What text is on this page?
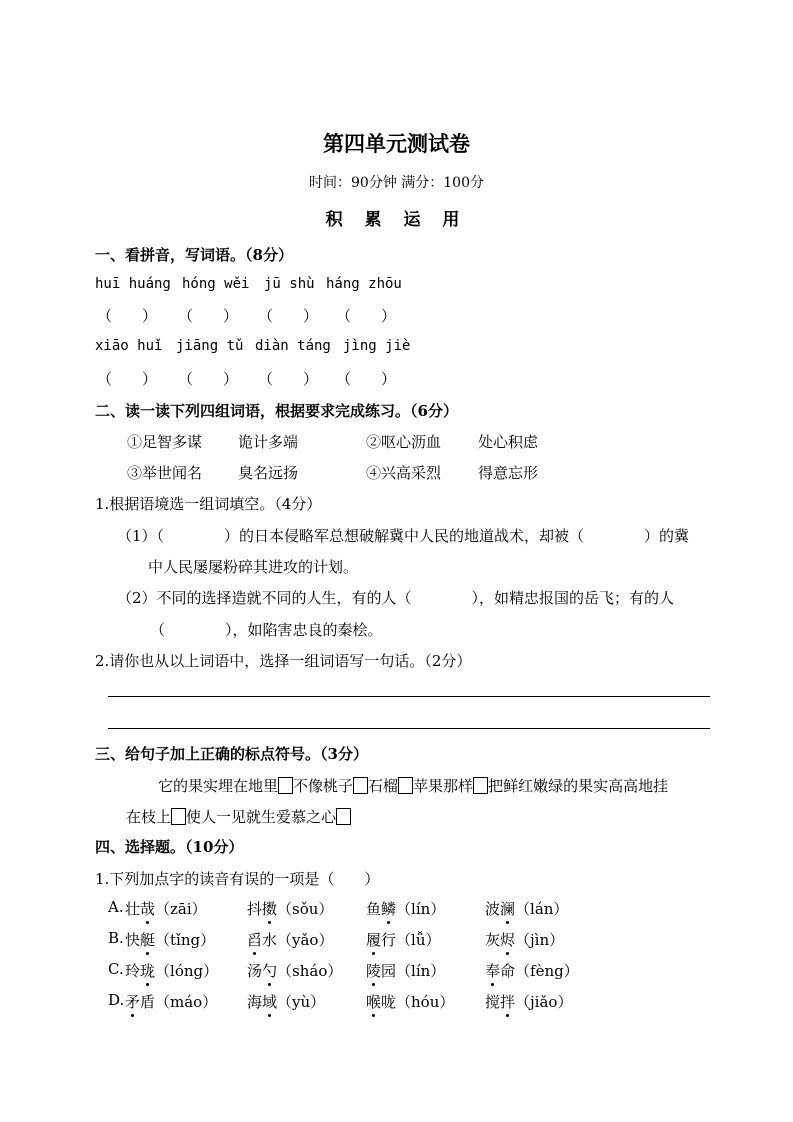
第四单元测试卷
时间：90分钟 满分：100分
积 累 运 用
一、看拼音，写词语。（8分）
huī huáng hóng wěi jū shù háng zhōu
（　　） （　　） （　　） （　　）
xiāo huǐ jiāng tǔ diàn táng jìng jiè
（　　） （　　） （　　） （　　）
二、读一读下列四组词语，根据要求完成练习。（6分）
①足智多谋 诡计多端	②呕心沥血 处心积虑
③举世闻名 臭名远扬	④兴高采烈 得意忘形
1.根据语境选一组词填空。（4分）
（1）（　　　　）的日本侵略军总想破解冀中人民的地道战术，却被（　　　　）的冀
中人民屡屡粉碎其进攻的计划。
（2）不同的选择造就不同的人生，有的人（　　　　），如精忠报国的岳飞；有的人
（　　　　），如陷害忠良的秦桧。
2.请你也从以上词语中，选择一组词语写一句话。（2分）
三、给句子加上正确的标点符号。（3分）
它的果实埋在地里 不像桃子 石榴 苹果那样 把鲜红嫩绿的果实高高地挂
在枝上 使人一见就生爱慕之心
四、选择题。（10分）
1.下列加点字的读音有误的一项是（　　）
A. 壮哉（zāi）	抖擞（sǒu） 鱼鳞（lín）	波澜（lán）
B. 快艇（tǐng） 舀水（yǎo） 履行（lǚ）	灰烬（jìn）
C. 玲珑（lóng） 汤勺（sháo） 陵园（lín）	奉命（fèng）
D. 矛盾（máo） 海域（yù）	喉咙（hóu） 搅拌（jiǎo）
